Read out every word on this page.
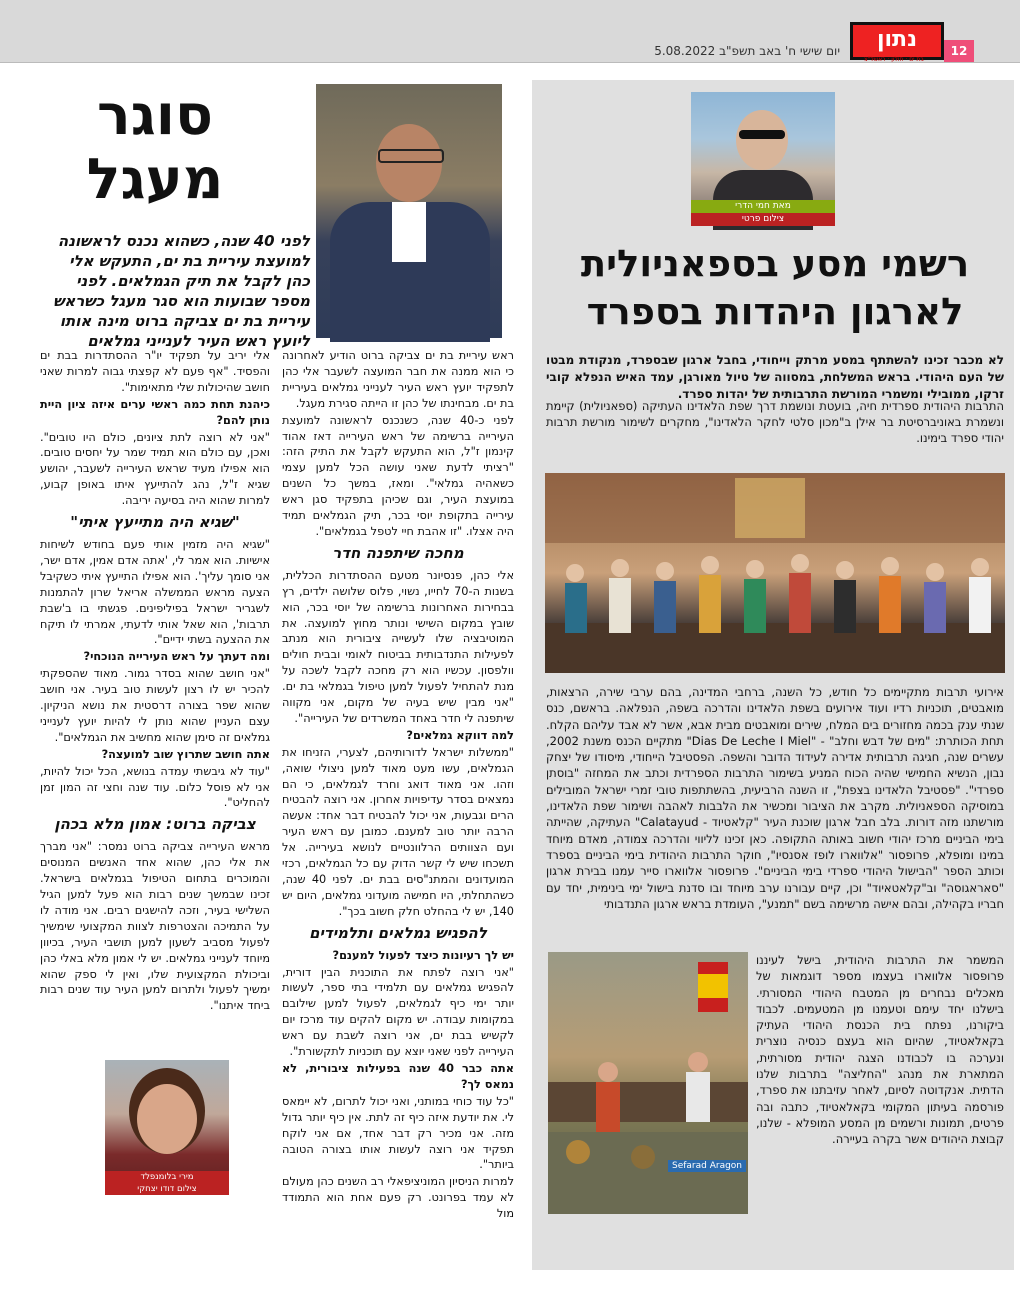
12
נתון
בת ים · חולון · ראשל"צ
יום שישי ח' באב תשפ"ב 5.08.2022
מאת חמי הדרי
צילום פרטי
רשמי מסע בספאניולית לארגון היהדות בספרד
לא מכבר זכינו להשתתף במסע מרתק וייחודי, בחבל ארגון שבספרד, מנקודת מבטו של העם היהודי. בראש המשלחת, במסווה של טיול מאורגן, עמד האיש הנפלא קובי זרקו, ממובילי ומשמרי המורשת התרבותית של יהדות ספרד.
התרבות היהודית ספרדית חיה, בועטת ונושמת דרך שפת הלאדינו העתיקה (ספאניולית) קיימת ונשמרת באוניברסיטת בר אילן ב"מכון סלטי לחקר הלאדינו", מחקרים לשימור מורשת תרבות יהודי ספרד בימינו.
אירועי תרבות מתקיימים כל חודש, כל השנה, ברחבי המדינה, בהם ערבי שירה, הרצאות, מואבטים, תוכניות רדיו ועוד אירועים בשפת הלאדינו והדרכה בשפה, הנפלאה. בראשם, כנס שנתי ענק בכמה מחזורים בים המלח, שירים ומואבטים מבית אבא, אשר לא אבד עליהם הקלח. תחת הכותרת: "מים של דבש וחלב" - "Dias De Leche I Miel" מתקיים הכנס משנת 2002, עשרים שנה, חגיגה תרבותית אדירה לעידוד הדובר והשפה. הפסטיבל הייחודי, מיסודו של יצחק נבון, הנשיא החמישי שהיה הכוח המניע בשימור התרבות הספרדית וכתב את המחזה "בוסתן ספרדי". "פסטיבל הלאדינו בצפת", זו השנה הרביעית, בהשתתפות טובי זמרי ישראל המובילים במוסיקה הספאניולית. מקרב את הציבור ומכשיר את הלבבות לאהבה ושימור שפת הלאדינו, מורשתנו מזה דורות. בלב חבל ארגון שוכנת העיר "קלאטיוד - Calatayud" העתיקה, שהייתה בימי הביניים מרכז יהודי חשוב באותה התקופה. כאן זכינו לליווי והדרכה צמודה, מאדם מיוחד במינו ומופלא, פרופסור "אלווארו לופז אסנסיו", חוקר התרבות היהודית בימי הביניים בספרד וכותב הספר "הבישול היהודי ספרדי בימי הביניים". פרופסור אלווארו סייר עמנו בבירת ארגון "סאראגוסה" וב"קלאטאיוד" וכן, קיים עבורנו ערב מיוחד ובו סדנת בישול ימי בינימית, יחד עם חבריו בקהילה, ובהם אישה מרשימה בשם "תמנע", העומדת בראש ארגון התנדבותי
המשמר את התרבות היהודית, בישל לעיננו פרופסור אלווארו בעצמו מספר דוגמאות של מאכלים נבחרים מן המטבח היהודי המסורתי. בישלנו יחד עימם וטעמנו מן המטעמים. לכבוד ביקורנו, נפתח בית הכנסת היהודי העתיק בקאלאטיוד, שהיום הוא בעצם כנסיה נוצרית ונערכה בו לכבודנו הצגה יהודית מסורתית, המתארת את מנהג "החליצה" בתרבות שלנו הדתית. אנקדוטה לסיום, לאחר עזיבתנו את ספרד, פורסמה בעיתון המקומי בקאלאטיוד, כתבה ובה פרטים, תמונות ורשמים מן המסע המופלא - שלנו, קבוצת היהודים אשר בקרה בעיירה.
Sefarad Aragon
סוגר מעגל
לפני 40 שנה, כשהוא נכנס לראשונה למועצת עיריית בת ים, התעקש אלי כהן לקבל את תיק הגמלאים. לפני מספר שבועות הוא סגר מעגל כשראש עיריית בת ים צביקה ברוט מינה אותו ליועץ ראש העיר לענייני גמלאים

ראש עיריית בת ים צביקה ברוט הודיע לאחרונה כי הוא ממנה את חבר המועצה לשעבר אלי כהן לתפקיד יועץ ראש העיר לענייני גמלאים בעיריית בת ים. מבחינתו של כהן זו הייתה סגירת מעגל.

לפני כ-40 שנה, כשנכנס לראשונה למועצת העירייה ברשימה של ראש העירייה דאז אהוד קינמון ז"ל, הוא התעקש לקבל את התיק הזה: "רציתי לדעת שאני עושה הכל למען עצמי כשאהיה גמלאי". ומאז, במשך כל השנים במועצת העיר, וגם שכיהן בתפקיד סגן ראש עירייה בתקופת יוסי בכר, תיק הגמלאים תמיד היה אצלו. "זו אהבת חיי לטפל בגמלאים".

מחכה שיתפנה חדר

אלי כהן, פנסיונר מטעם ההסתדרות הכללית, בשנות ה-70 לחייו, נשוי, פלוס שלושה ילדים, רץ בבחירות האחרונות ברשימה של יוסי בכר, הוא שובץ במקום השישי ונותר מחוץ למועצה. את המוטיבציה שלו לעשייה ציבורית הוא מנתב לפעילות התנדבותית בביטוח לאומי ובבית חולים וולפסון. עכשיו הוא רק מחכה לקבל לשכה על מנת להתחיל לפעול למען טיפול בגמלאי בת ים. "אני מבין שיש בעיה של מקום, אני מקווה שיתפנה לי חדר באחד המשרדים של העירייה".

למה דווקא גמלאים?

"ממשלות ישראל לדורותיהם, לצערי, הזניחו את הגמלאים, עשו מעט מאוד למען ניצולי שואה, וזהו. אני מאוד דואג וחרד לגמלאים, כי הם נמצאים בסדר עדיפויות אחרון. אני רוצה להבטיח הרים וגבעות, אני יכול להבטיח דבר אחד: אעשה הרבה יותר טוב למענם. כמובן עם ראש העיר ועם הצוותים הרלוונטיים לנושא בעירייה. אל תשכחו שיש לי קשר הדוק עם כל הגמלאים, רכזי המועדונים והמתנ"סים בבת ים. לפני 40 שנה, כשהתחלתי, היו חמישה מועדוני גמלאים, היום יש 140, יש לי בהחלט חלק חשוב בכך".

להפגיש גמלאים ותלמידים

יש לך רעיונות כיצד לפעול למענם?

"אני רוצה לפתח את התוכנית הבין דורית, להפגיש גמלאים עם תלמידי בתי ספר, לעשות יותר ימי כיף לגמלאים, לפעול למען שילובם במקומות עבודה. יש מקום להקים עוד מרכז יום לקשיש בבת ים, אני רוצה לשבת עם ראש העירייה לפני שאני יוצא עם תוכניות לתקשורת".

אתה כבר 40 שנה בפעילות ציבורית, לא נמאס לך?

"כל עוד כוחי במותני, ואני יכול לתרום, לא יימאס לי. את יודעת איזה כיף זה לתת. אין כיף יותר גדול מזה. אני מכיר רק דבר אחד, אם אני לוקח תפקיד אני רוצה לעשות אותו בצורה הטובה ביותר".

למרות הניסיון המוניציפאלי רב השנים כהן מעולם לא עמד בפרונט. רק פעם אחת הוא התמודד מול

אלי יריב על תפקיד יו"ר ההסתדרות בבת ים והפסיד. "אף פעם לא קפצתי גבוה למרות שאני חושב שהיכולות שלי מתאימות".

כיהנת תחת כמה ראשי ערים איזה ציון היית נותן להם?

"אני לא רוצה לתת ציונים, כולם היו טובים". ואכן, עם כולם הוא תמיד שמר על יחסים טובים. הוא אפילו מעיד שראש העירייה לשעבר, יהושע שגיא ז"ל, נהג להתייעץ איתו באופן קבוע, למרות שהוא היה בסיעה יריבה.

"שגיא היה מתייעץ איתי"

"שגיא היה מזמין אותי פעם בחודש לשיחות אישיות. הוא אמר לי, 'אתה אדם אמין, אדם ישר, אני סומך עליך'. הוא אפילו התייעץ איתי כשקיבל הצעה מראש הממשלה אריאל שרון להתמנות לשגריר ישראל בפיליפינים. פגשתי בו ב'שבת תרבות', הוא שאל אותי לדעתי, אמרתי לו תיקח את ההצעה בשתי ידיים".

ומה דעתך על ראש העירייה הנוכחי?

"אני חושב שהוא בסדר גמור. מאוד שהספקתי להכיר יש לו רצון לעשות טוב בעיר. אני חושב שהוא שפר בצורה דרסטית את נושא הניקיון. עצם העניין שהוא נותן לי להיות יועץ לענייני גמלאים זה סימן שהוא מחשיב את הגמלאים".

אתה חושב שתרוץ שוב למועצה?

"עוד לא גיבשתי עמדה בנושא, הכל יכול להיות, אני לא פוסל כלום. עוד שנה וחצי זה המון זמן להחליט".

צביקה ברוט: אמון מלא בכהן

מראש העירייה צביקה ברוט נמסר: "אני מברך את אלי כהן, שהוא אחד האנשים המנוסים והמוכרים בתחום הטיפול בגמלאים בישראל. זכינו שבמשך שנים רבות הוא פעל למען הגיל השלישי בעיר, וזכה להישגים רבים. אני מודה לו על התמיכה והצטרפות לצוות המקצועי שימשיך לפעול מסביב לשעון למען תושבי העיר, בכיוון מיוחד לענייני גמלאים. יש לי אמון מלא באלי כהן וביכולת המקצועית שלו, ואין לי ספק שהוא ימשיך לפעול ולתרום למען העיר עוד שנים רבות ביחד איתנו".

מירי בלומנפלד
צילום דודו יצחקי
